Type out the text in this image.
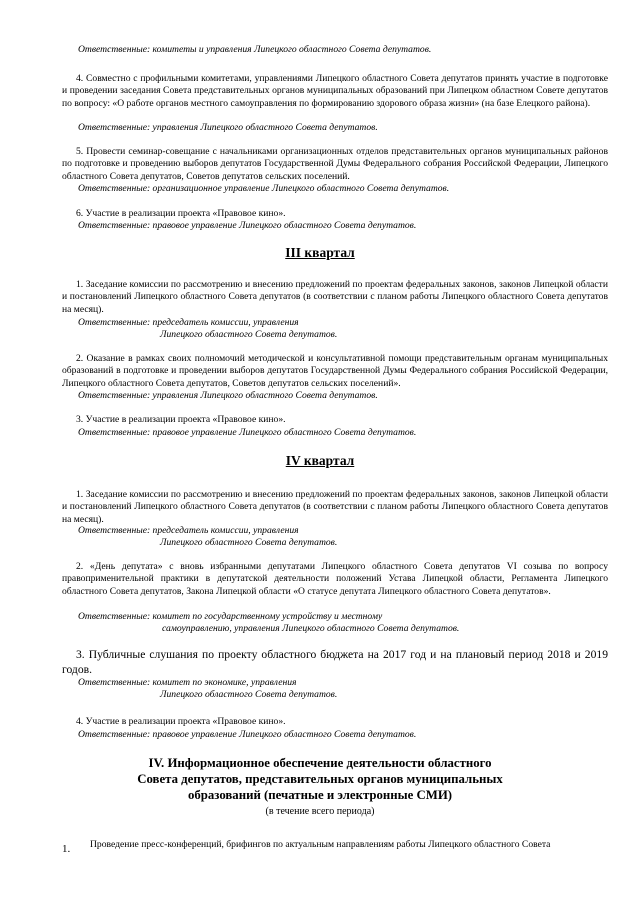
Ответственные: комитеты и управления Липецкого областного Совета депутатов.

4. Совместно с профильными комитетами, управлениями Липецкого областного Совета депутатов принять участие в подготовке и проведении заседания Совета представительных органов муниципальных образований при Липецком областном Совете депутатов по вопросу: «О работе органов местного самоуправления по формированию здорового образа жизни» (на базе Елецкого района).

Ответственные: управления Липецкого областного Совета депутатов.

5. Провести семинар-совещание с начальниками организационных отделов представительных органов муниципальных районов по подготовке и проведению выборов депутатов Государственной Думы Федерального собрания Российской Федерации, Липецкого областного Совета депутатов, Советов депутатов сельских поселений.

Ответственные: организационное управление Липецкого областного Совета депутатов.

6. Участие в реализации проекта «Правовое кино».

Ответственные: правовое управление Липецкого областного Совета депутатов.

III квартал

1. Заседание комиссии по рассмотрению и внесению предложений по проектам федеральных законов, законов Липецкой области и постановлений Липецкого областного Совета депутатов (в соответствии с планом работы Липецкого областного Совета депутатов на месяц).

Ответственные: председатель комиссии, управления

Липецкого областного Совета депутатов.

2. Оказание в рамках своих полномочий методической и консультативной помощи представительным органам муниципальных образований в подготовке и проведении выборов депутатов Государственной Думы Федерального собрания Российской Федерации, Липецкого областного Совета депутатов, Советов депутатов сельских поселений».

Ответственные: управления Липецкого областного Совета депутатов.

3. Участие в реализации проекта «Правовое кино».

Ответственные: правовое управление Липецкого областного Совета депутатов.

IV квартал

1. Заседание комиссии по рассмотрению и внесению предложений по проектам федеральных законов, законов Липецкой области и постановлений Липецкого областного Совета депутатов (в соответствии с планом работы Липецкого областного Совета депутатов на месяц).

Ответственные: председатель комиссии, управления

Липецкого областного Совета депутатов.

2. «День депутата» с вновь избранными депутатами Липецкого областного Совета депутатов VI созыва по вопросу правоприменительной практики в депутатской деятельности положений Устава Липецкой области, Регламента Липецкого областного Совета депутатов, Закона Липецкой области «О статусе депутата Липецкого областного Совета депутатов».

Ответственные: комитет по государственному устройству и местному

самоуправлению, управления Липецкого областного Совета депутатов.

3. Публичные слушания по проекту областного бюджета на 2017 год и на плановый период 2018 и 2019 годов.

Ответственные: комитет по экономике, управления

Липецкого областного Совета депутатов.

4. Участие в реализации проекта «Правовое кино».

Ответственные: правовое управление Липецкого областного Совета депутатов.

IV. Информационное обеспечение деятельности областного

Совета депутатов, представительных органов муниципальных

образований (печатные и электронные СМИ)

(в течение всего периода)

1. Проведение пресс-конференций, брифингов по актуальным направлениям работы Липецкого областного Совета
